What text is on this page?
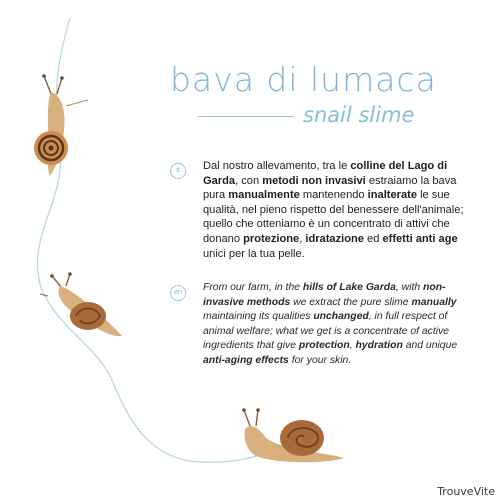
bava di lumaca
snail slime
it	Dal nostro allevamento, tra le colline del Lago di Garda, con metodi non invasivi estraiamo la bava pura manualmente mantenendo inalterate le sue qualità, nel pieno rispetto del benessere dell'animale; quello che otteniamo è un concentrato di attivi che donano protezione, idratazione ed effetti anti age unici per la tua pelle.
en	From our farm, in the hills of Lake Garda, with non-invasive methods we extract the pure slime manually maintaining its qualities unchanged, in full respect of animal welfare; what we get is a concentrate of active ingredients that give protection, hydration and unique anti-aging effects for your skin.
TrouveVite
